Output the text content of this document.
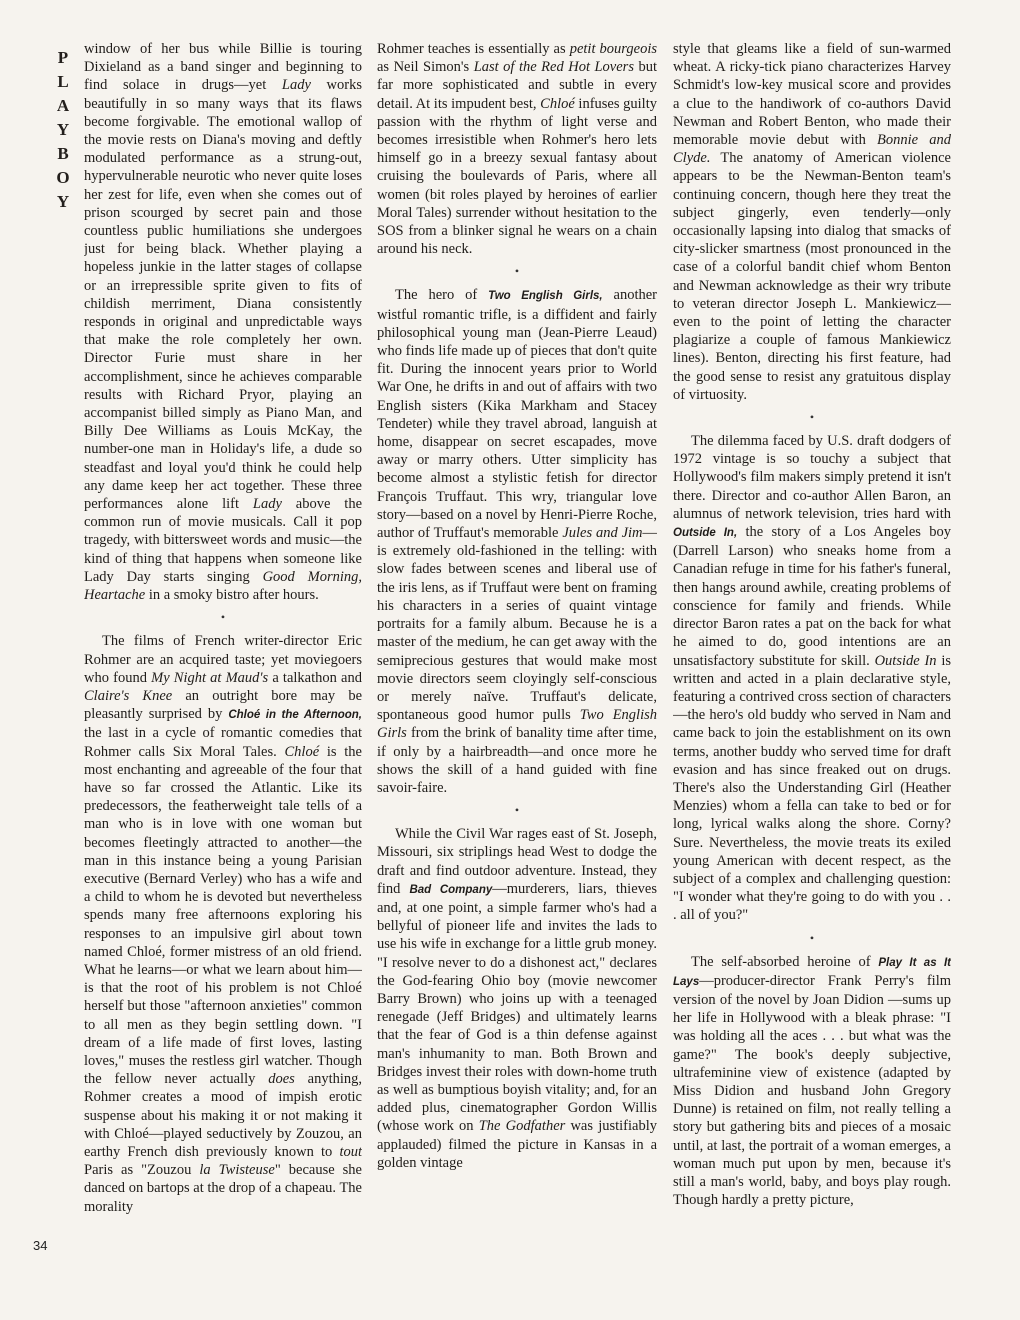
P
L
A
Y
B
O
Y
34

window of her bus while Billie is touring Dixieland as a band singer and beginning to find solace in drugs—yet Lady works beautifully in so many ways that its flaws become forgivable. The emotional wallop of the movie rests on Diana's moving and deftly modulated performance as a strung-out, hypervulnerable neurotic who never quite loses her zest for life, even when she comes out of prison scourged by secret pain and those countless public humiliations she undergoes just for being black. Whether playing a hopeless junkie in the latter stages of collapse or an irrepressible sprite given to fits of childish merriment, Diana consistently responds in original and unpredictable ways that make the role completely her own. Director Furie must share in her accomplishment, since he achieves comparable results with Richard Pryor, playing an accompanist billed simply as Piano Man, and Billy Dee Williams as Louis McKay, the number-one man in Holiday's life, a dude so steadfast and loyal you'd think he could help any dame keep her act together. These three performances alone lift Lady above the common run of movie musicals. Call it pop tragedy, with bittersweet words and music—the kind of thing that happens when someone like Lady Day starts singing Good Morning, Heartache in a smoky bistro after hours.

•

The films of French writer-director Eric Rohmer are an acquired taste; yet moviegoers who found My Night at Maud's a talkathon and Claire's Knee an outright bore may be pleasantly surprised by Chloé in the Afternoon, the last in a cycle of romantic comedies that Rohmer calls Six Moral Tales. Chloé is the most enchanting and agreeable of the four that have so far crossed the Atlantic. Like its predecessors, the featherweight tale tells of a man who is in love with one woman but becomes fleetingly attracted to another—the man in this instance being a young Parisian executive (Bernard Verley) who has a wife and a child to whom he is devoted but nevertheless spends many free afternoons exploring his responses to an impulsive girl about town named Chloé, former mistress of an old friend. What he learns—or what we learn about him—is that the root of his problem is not Chloé herself but those "afternoon anxieties" common to all men as they begin settling down. "I dream of a life made of first loves, lasting loves," muses the restless girl watcher. Though the fellow never actually does anything, Rohmer creates a mood of impish erotic suspense about his making it or not making it with Chloé—played seductively by Zouzou, an earthy French dish previously known to tout Paris as "Zouzou la Twisteuse" because she danced on bartops at the drop of a chapeau. The morality

Rohmer teaches is essentially as petit bourgeois as Neil Simon's Last of the Red Hot Lovers but far more sophisticated and subtle in every detail. At its impudent best, Chloé infuses guilty passion with the rhythm of light verse and becomes irresistible when Rohmer's hero lets himself go in a breezy sexual fantasy about cruising the boulevards of Paris, where all women (bit roles played by heroines of earlier Moral Tales) surrender without hesitation to the SOS from a blinker signal he wears on a chain around his neck.

•

The hero of Two English Girls, another wistful romantic trifle, is a diffident and fairly philosophical young man (Jean-Pierre Leaud) who finds life made up of pieces that don't quite fit. During the innocent years prior to World War One, he drifts in and out of affairs with two English sisters (Kika Markham and Stacey Tendeter) while they travel abroad, languish at home, disappear on secret escapades, move away or marry others. Utter simplicity has become almost a stylistic fetish for director François Truffaut. This wry, triangular love story—based on a novel by Henri-Pierre Roche, author of Truffaut's memorable Jules and Jim—is extremely old-fashioned in the telling: with slow fades between scenes and liberal use of the iris lens, as if Truffaut were bent on framing his characters in a series of quaint vintage portraits for a family album. Because he is a master of the medium, he can get away with the semiprecious gestures that would make most movie directors seem cloyingly self-conscious or merely naïve. Truffaut's delicate, spontaneous good humor pulls Two English Girls from the brink of banality time after time, if only by a hairbreadth—and once more he shows the skill of a hand guided with fine savoir-faire.

•

While the Civil War rages east of St. Joseph, Missouri, six striplings head West to dodge the draft and find outdoor adventure. Instead, they find Bad Company—murderers, liars, thieves and, at one point, a simple farmer who's had a bellyful of pioneer life and invites the lads to use his wife in exchange for a little grub money. "I resolve never to do a dishonest act," declares the God-fearing Ohio boy (movie newcomer Barry Brown) who joins up with a teenaged renegade (Jeff Bridges) and ultimately learns that the fear of God is a thin defense against man's inhumanity to man. Both Brown and Bridges invest their roles with down-home truth as well as bumptious boyish vitality; and, for an added plus, cinematographer Gordon Willis (whose work on The Godfather was justifiably applauded) filmed the picture in Kansas in a golden vintage

style that gleams like a field of sun-warmed wheat. A ricky-tick piano characterizes Harvey Schmidt's low-key musical score and provides a clue to the handiwork of co-authors David Newman and Robert Benton, who made their memorable movie debut with Bonnie and Clyde. The anatomy of American violence appears to be the Newman-Benton team's continuing concern, though here they treat the subject gingerly, even tenderly—only occasionally lapsing into dialog that smacks of city-slicker smartness (most pronounced in the case of a colorful bandit chief whom Benton and Newman acknowledge as their wry tribute to veteran director Joseph L. Mankiewicz—even to the point of letting the character plagiarize a couple of famous Mankiewicz lines). Benton, directing his first feature, had the good sense to resist any gratuitous display of virtuosity.

•

The dilemma faced by U.S. draft dodgers of 1972 vintage is so touchy a subject that Hollywood's film makers simply pretend it isn't there. Director and co-author Allen Baron, an alumnus of network television, tries hard with Outside In, the story of a Los Angeles boy (Darrell Larson) who sneaks home from a Canadian refuge in time for his father's funeral, then hangs around awhile, creating problems of conscience for family and friends. While director Baron rates a pat on the back for what he aimed to do, good intentions are an unsatisfactory substitute for skill. Outside In is written and acted in a plain declarative style, featuring a contrived cross section of characters—the hero's old buddy who served in Nam and came back to join the establishment on its own terms, another buddy who served time for draft evasion and has since freaked out on drugs. There's also the Understanding Girl (Heather Menzies) whom a fella can take to bed or for long, lyrical walks along the shore. Corny? Sure. Nevertheless, the movie treats its exiled young American with decent respect, as the subject of a complex and challenging question: "I wonder what they're going to do with you . . . all of you?"

•

The self-absorbed heroine of Play It as It Lays—producer-director Frank Perry's film version of the novel by Joan Didion —sums up her life in Hollywood with a bleak phrase: "I was holding all the aces . . . but what was the game?" The book's deeply subjective, ultrafeminine view of existence (adapted by Miss Didion and husband John Gregory Dunne) is retained on film, not really telling a story but gathering bits and pieces of a mosaic until, at last, the portrait of a woman emerges, a woman much put upon by men, because it's still a man's world, baby, and boys play rough. Though hardly a pretty picture,
